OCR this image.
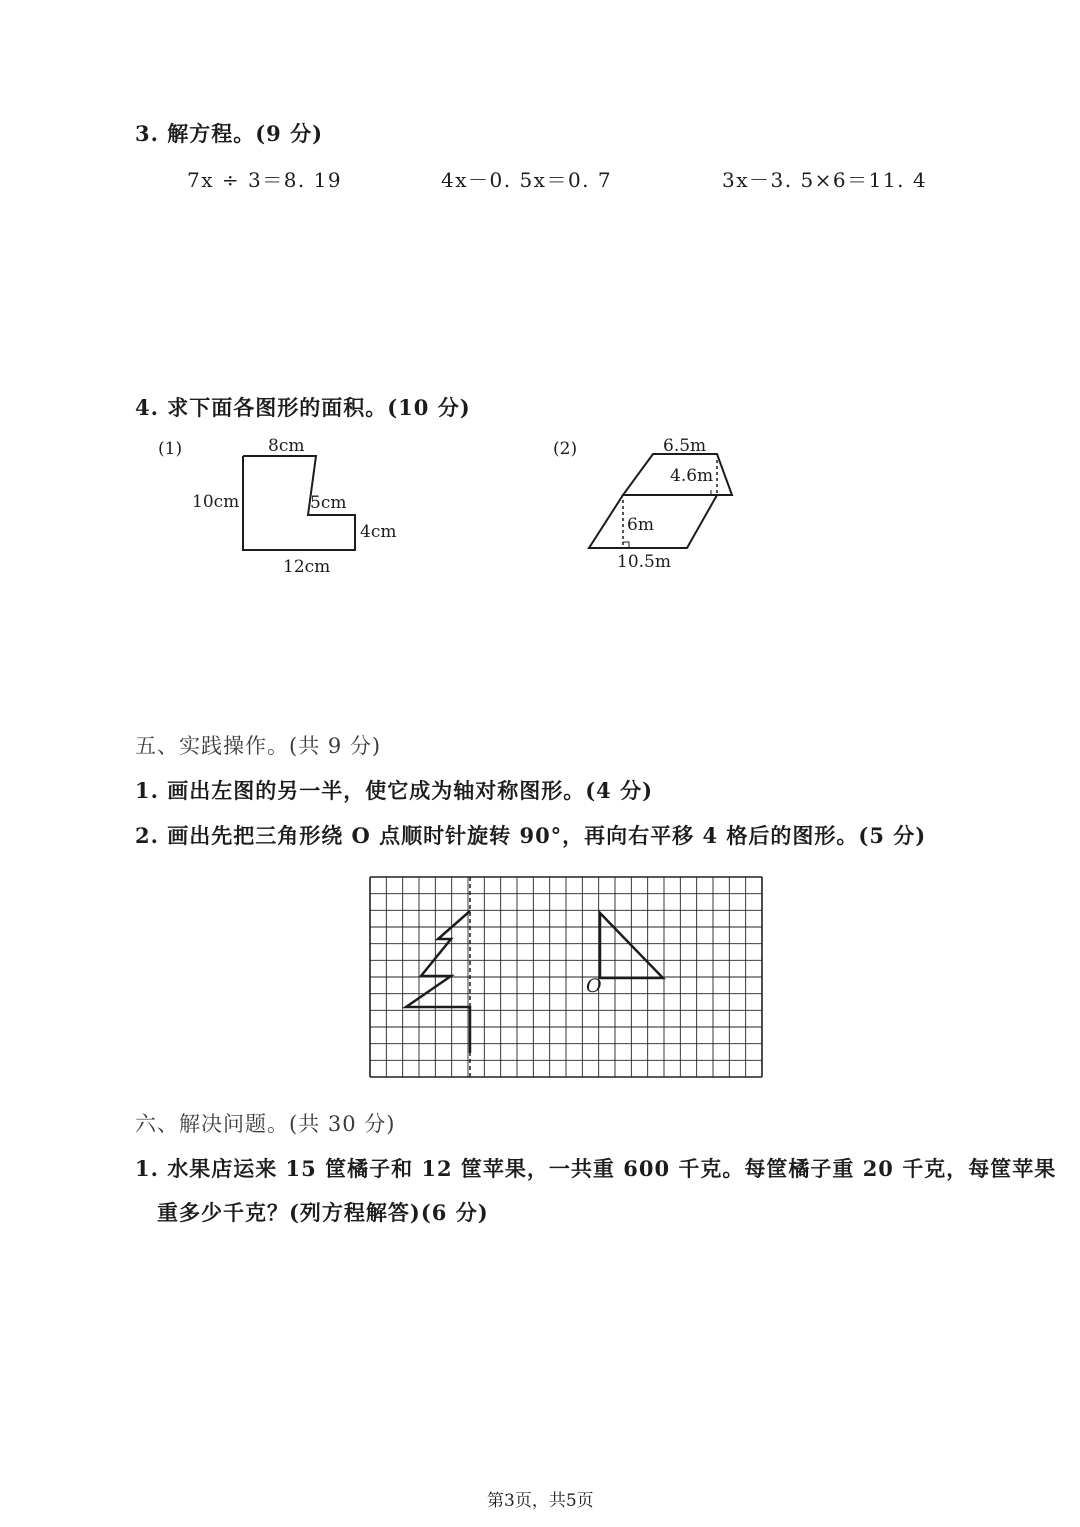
3. 解方程。(9 分)
7x ÷ 3＝8. 19	4x－0. 5x＝0. 7	3x－3. 5×6＝11. 4
4. 求下面各图形的面积。(10 分)
(1)	8cm
10cm	5cm
4cm
12cm
(2)	6.5m
4.6m
6m
10.5m
五、实践操作。(共 9 分)
1. 画出左图的另一半，使它成为轴对称图形。(4 分)
2. 画出先把三角形绕 O 点顺时针旋转 90°，再向右平移 4 格后的图形。(5 分)
O
六、解决问题。(共 30 分)
1. 水果店运来 15 筐橘子和 12 筐苹果，一共重 600 千克。每筐橘子重 20 千克，每筐苹果
重多少千克？(列方程解答)(6 分)
第3页，共5页
